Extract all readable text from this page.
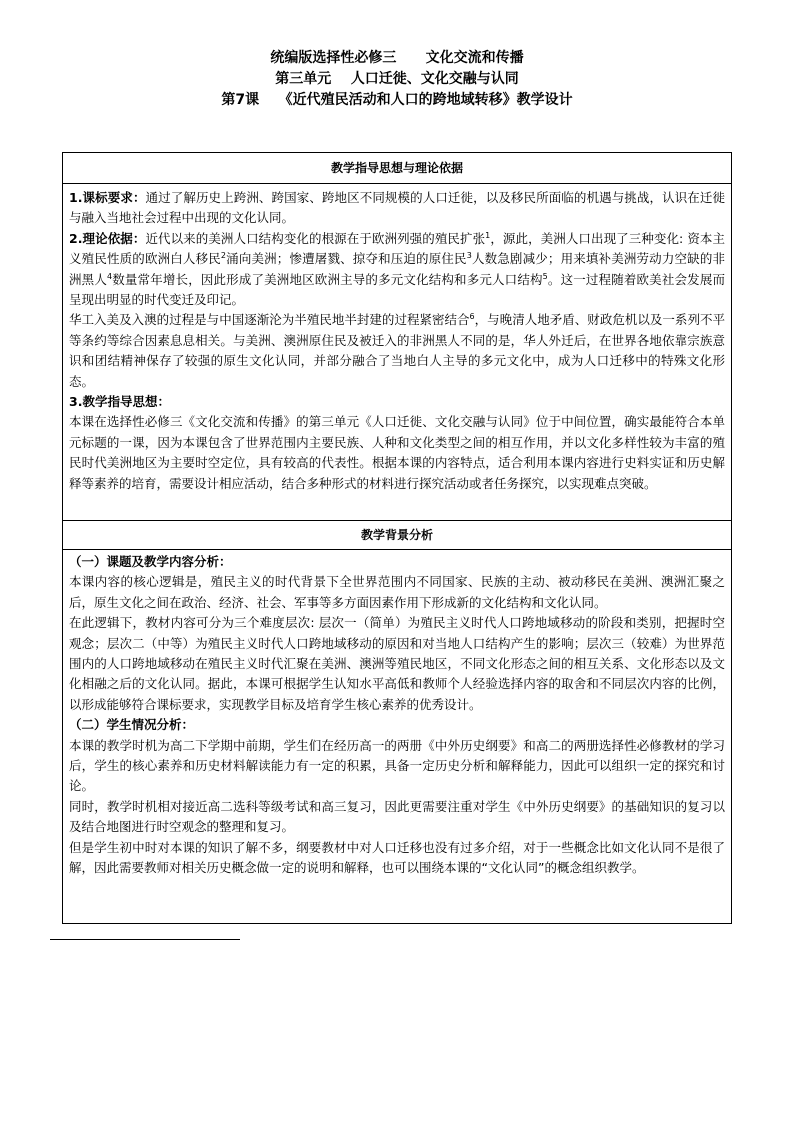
统编版选择性必修三      文化交流和传播
第三单元    人口迁徙、文化交融与认同
第7课    《近代殖民活动和人口的跨地域转移》教学设计
教学指导思想与理论依据

1.课标要求：通过了解历史上跨洲、跨国家、跨地区不同规模的人口迁徙，以及移民所面临的机遇与挑战，认识在迁徙与融入当地社会过程中出现的文化认同。

2.理论依据：近代以来的美洲人口结构变化的根源在于欧洲列强的殖民扩张$^1$，源此，美洲人口出现了三种变化: 资本主义殖民性质的欧洲白人移民$^2$涌向美洲；惨遭屠戮、掠夺和压迫的原住民$^3$人数急剧减少；用来填补美洲劳动力空缺的非洲黑人$^4$数量常年增长，因此形成了美洲地区欧洲主导的多元文化结构和多元人口结构$^5$。这一过程随着欧美社会发展而呈现出明显的时代变迁及印记。

华工入美及入澳的过程是与中国逐渐沦为半殖民地半封建的过程紧密结合$^6$，与晚清人地矛盾、财政危机以及一系列不平等条约等综合因素息息相关。与美洲、澳洲原住民及被迁入的非洲黑人不同的是，华人外迁后，在世界各地依靠宗族意识和团结精神保存了较强的原生文化认同，并部分融合了当地白人主导的多元文化中，成为人口迁移中的特殊文化形态。

3.教学指导思想：

本课在选择性必修三《文化交流和传播》的第三单元《人口迁徙、文化交融与认同》位于中间位置，确实最能符合本单元标题的一课，因为本课包含了世界范围内主要民族、人种和文化类型之间的相互作用，并以文化多样性较为丰富的殖民时代美洲地区为主要时空定位，具有较高的代表性。根据本课的内容特点，适合利用本课内容进行史料实证和历史解释等素养的培育，需要设计相应活动，结合多种形式的材料进行探究活动或者任务探究，以实现难点突破。

教学背景分析

（一）课题及教学内容分析：

本课内容的核心逻辑是，殖民主义的时代背景下全世界范围内不同国家、民族的主动、被动移民在美洲、澳洲汇聚之后，原生文化之间在政治、经济、社会、军事等多方面因素作用下形成新的文化结构和文化认同。

在此逻辑下，教材内容可分为三个难度层次: 层次一（简单）为殖民主义时代人口跨地域移动的阶段和类别，把握时空观念；层次二（中等）为殖民主义时代人口跨地域移动的原因和对当地人口结构产生的影响；层次三（较难）为世界范围内的人口跨地域移动在殖民主义时代汇聚在美洲、澳洲等殖民地区，不同文化形态之间的相互关系、文化形态以及文化相融之后的文化认同。据此，本课可根据学生认知水平高低和教师个人经验选择内容的取舍和不同层次内容的比例，以形成能够符合课标要求，实现教学目标及培育学生核心素养的优秀设计。

（二）学生情况分析：

本课的教学时机为高二下学期中前期，学生们在经历高一的两册《中外历史纲要》和高二的两册选择性必修教材的学习后，学生的核心素养和历史材料解读能力有一定的积累，具备一定历史分析和解释能力，因此可以组织一定的探究和讨论。

同时，教学时机相对接近高二选科等级考试和高三复习，因此更需要注重对学生《中外历史纲要》的基础知识的复习以及结合地图进行时空观念的整理和复习。

但是学生初中时对本课的知识了解不多，纲要教材中对人口迁移也没有过多介绍，对于一些概念比如文化认同不是很了解，因此需要教师对相关历史概念做一定的说明和解释，也可以围绕本课的“文化认同”的概念组织教学。
